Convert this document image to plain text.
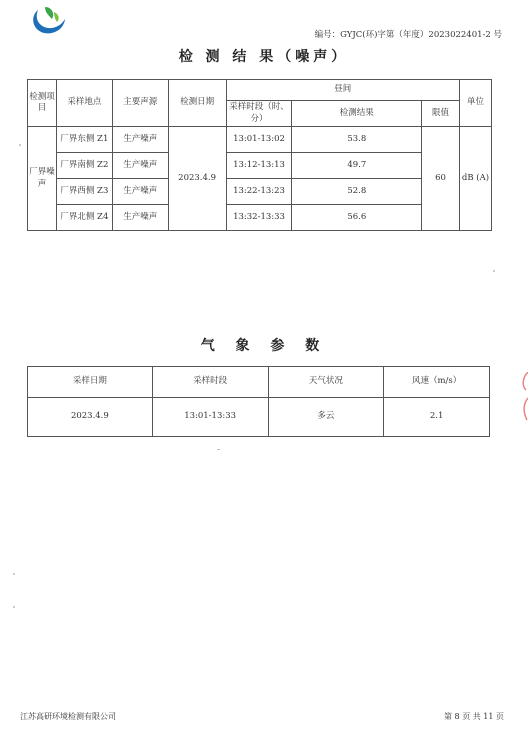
编号：GYJC(环)字第（年度）2023022401-2 号
检 测 结 果（噪声）
检测项目	采样地点	主要声源	检测日期	昼间			单位
				采样时段（时、分）	检测结果	限值	
厂界噪声	厂界东侧 Z1	生产噪声	2023.4.9	13:01-13:02	53.8	60	dB (A)
	厂界南侧 Z2	生产噪声		13:12-13:13	49.7		
	厂界西侧 Z3	生产噪声		13:22-13:23	52.8		
	厂界北侧 Z4	生产噪声		13:32-13:33	56.6		
气 象 参 数
采样日期	采样时段	天气状况	风速（m/s）
2023.4.9	13:01-13:33	多云	2.1
江苏高研环境检测有限公司	第 8 页 共 11 页
